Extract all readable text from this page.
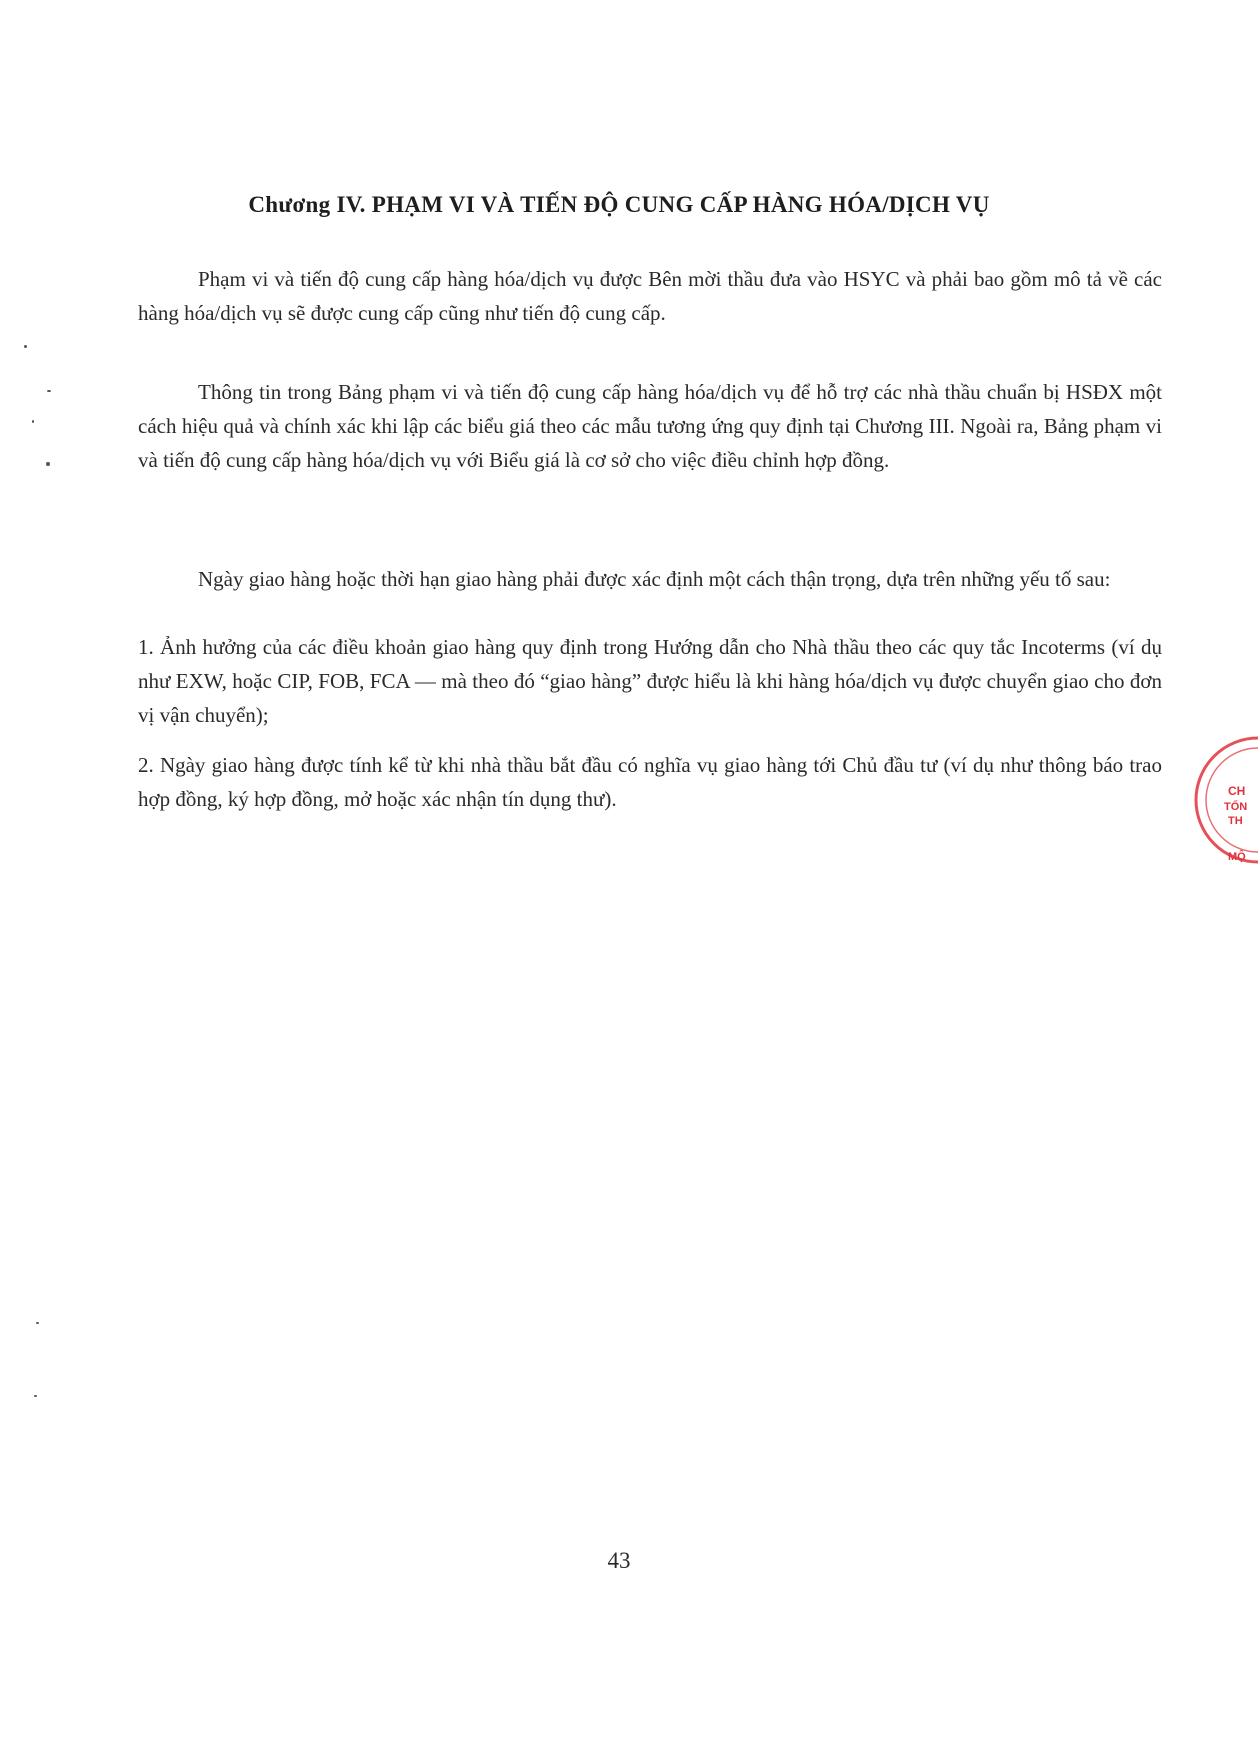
Chương IV. PHẠM VI VÀ TIẾN ĐỘ CUNG CẤP HÀNG HÓA/DỊCH VỤ
Phạm vi và tiến độ cung cấp hàng hóa/dịch vụ được Bên mời thầu đưa vào HSYC và phải bao gồm mô tả về các hàng hóa/dịch vụ sẽ được cung cấp cũng như tiến độ cung cấp.
Thông tin trong Bảng phạm vi và tiến độ cung cấp hàng hóa/dịch vụ để hỗ trợ các nhà thầu chuẩn bị HSĐX một cách hiệu quả và chính xác khi lập các biểu giá theo các mẫu tương ứng quy định tại Chương III. Ngoài ra, Bảng phạm vi và tiến độ cung cấp hàng hóa/dịch vụ với Biểu giá là cơ sở cho việc điều chỉnh hợp đồng.
Ngày giao hàng hoặc thời hạn giao hàng phải được xác định một cách thận trọng, dựa trên những yếu tố sau:
1. Ảnh hưởng của các điều khoản giao hàng quy định trong Hướng dẫn cho Nhà thầu theo các quy tắc Incoterms (ví dụ như EXW, hoặc CIP, FOB, FCA — mà theo đó “giao hàng” được hiểu là khi hàng hóa/dịch vụ được chuyển giao cho đơn vị vận chuyển);
2. Ngày giao hàng được tính kể từ khi nhà thầu bắt đầu có nghĩa vụ giao hàng tới Chủ đầu tư (ví dụ như thông báo trao hợp đồng, ký hợp đồng, mở hoặc xác nhận tín dụng thư).
43
CH
TỔN
TH
MỘ
